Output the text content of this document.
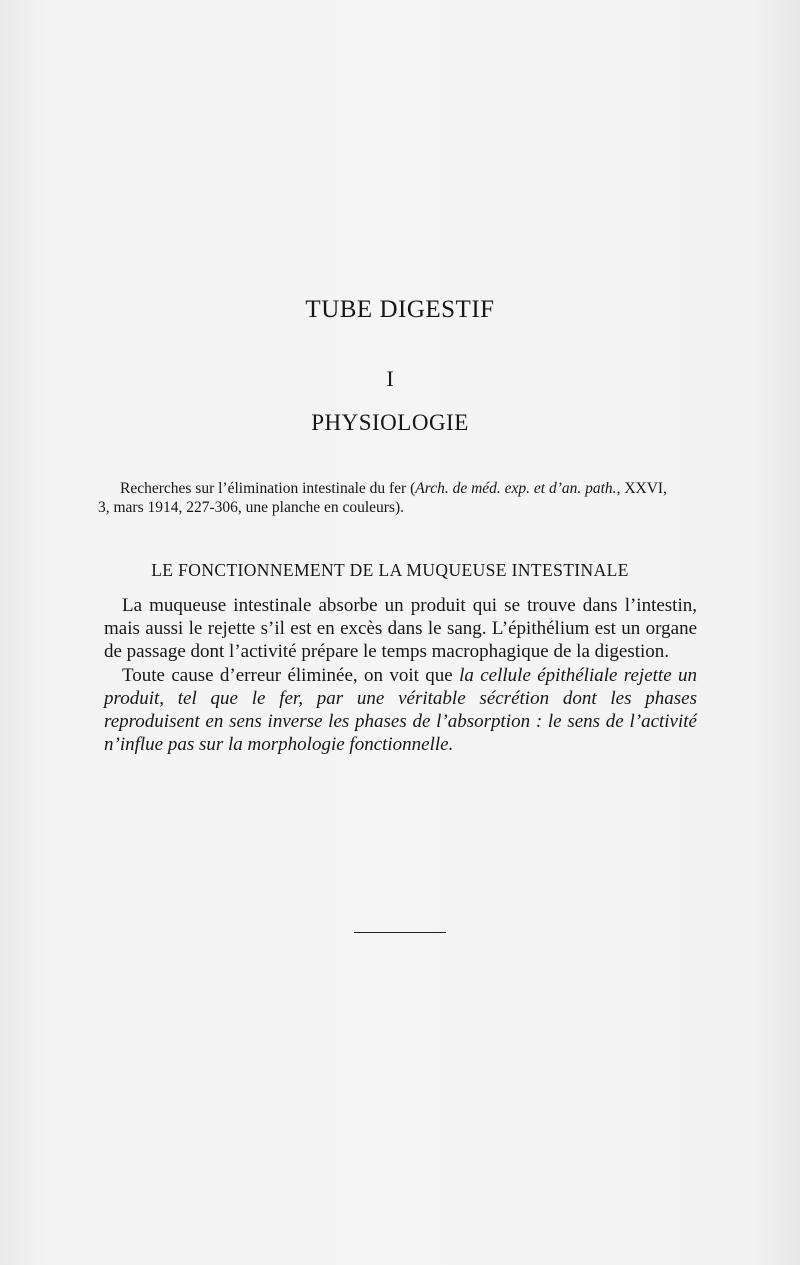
TUBE DIGESTIF
I
PHYSIOLOGIE
Recherches sur l’élimination intestinale du fer (Arch. de méd. exp. et d’an. path., XXVI,
3, mars 1914, 227-306, une planche en couleurs).
LE FONCTIONNEMENT DE LA MUQUEUSE INTESTINALE

La muqueuse intestinale absorbe un produit qui se trouve dans l’intestin, mais aussi le rejette s’il est en excès dans le sang. L’épithélium est un organe de passage dont l’activité prépare le temps macrophagique de la digestion.

Toute cause d’erreur éliminée, on voit que la cellule épithéliale rejette un produit, tel que le fer, par une véritable sécrétion dont les phases reproduisent en sens inverse les phases de l’absorption : le sens de l’activité n’influe pas sur la morphologie fonctionnelle.
